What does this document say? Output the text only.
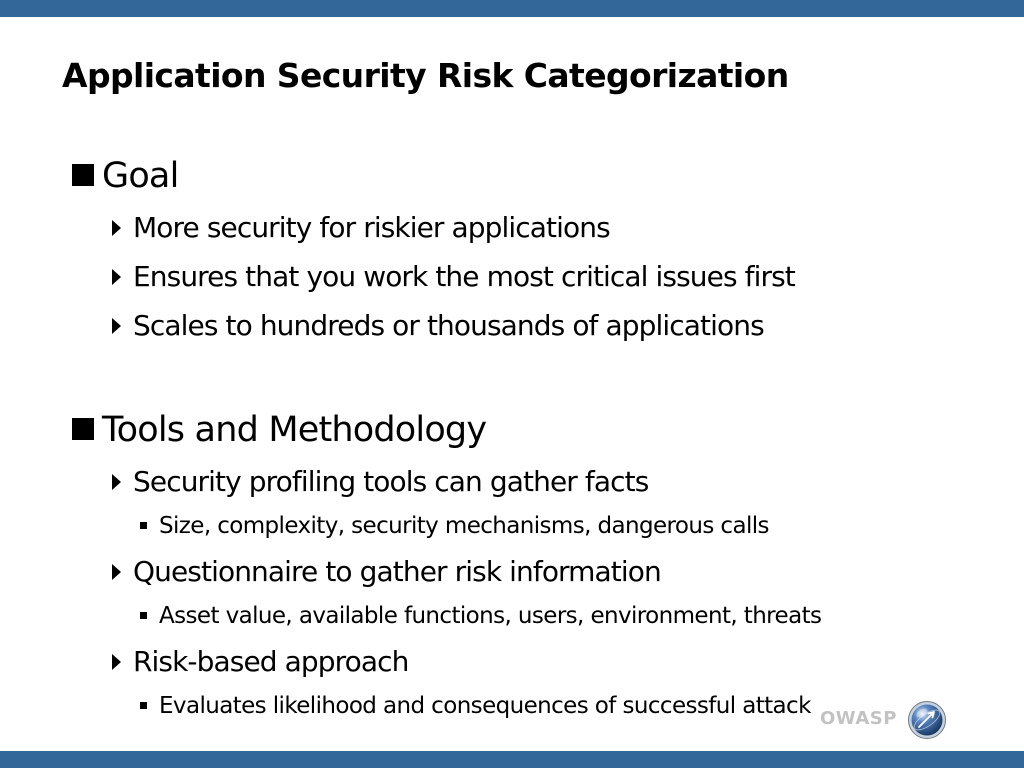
Application Security Risk Categorization
Goal
More security for riskier applications
Ensures that you work the most critical issues first
Scales to hundreds or thousands of applications
Tools and Methodology
Security profiling tools can gather facts
Size, complexity, security mechanisms, dangerous calls
Questionnaire to gather risk information
Asset value, available functions, users, environment, threats
Risk-based approach
Evaluates likelihood and consequences of successful attack OWASP
